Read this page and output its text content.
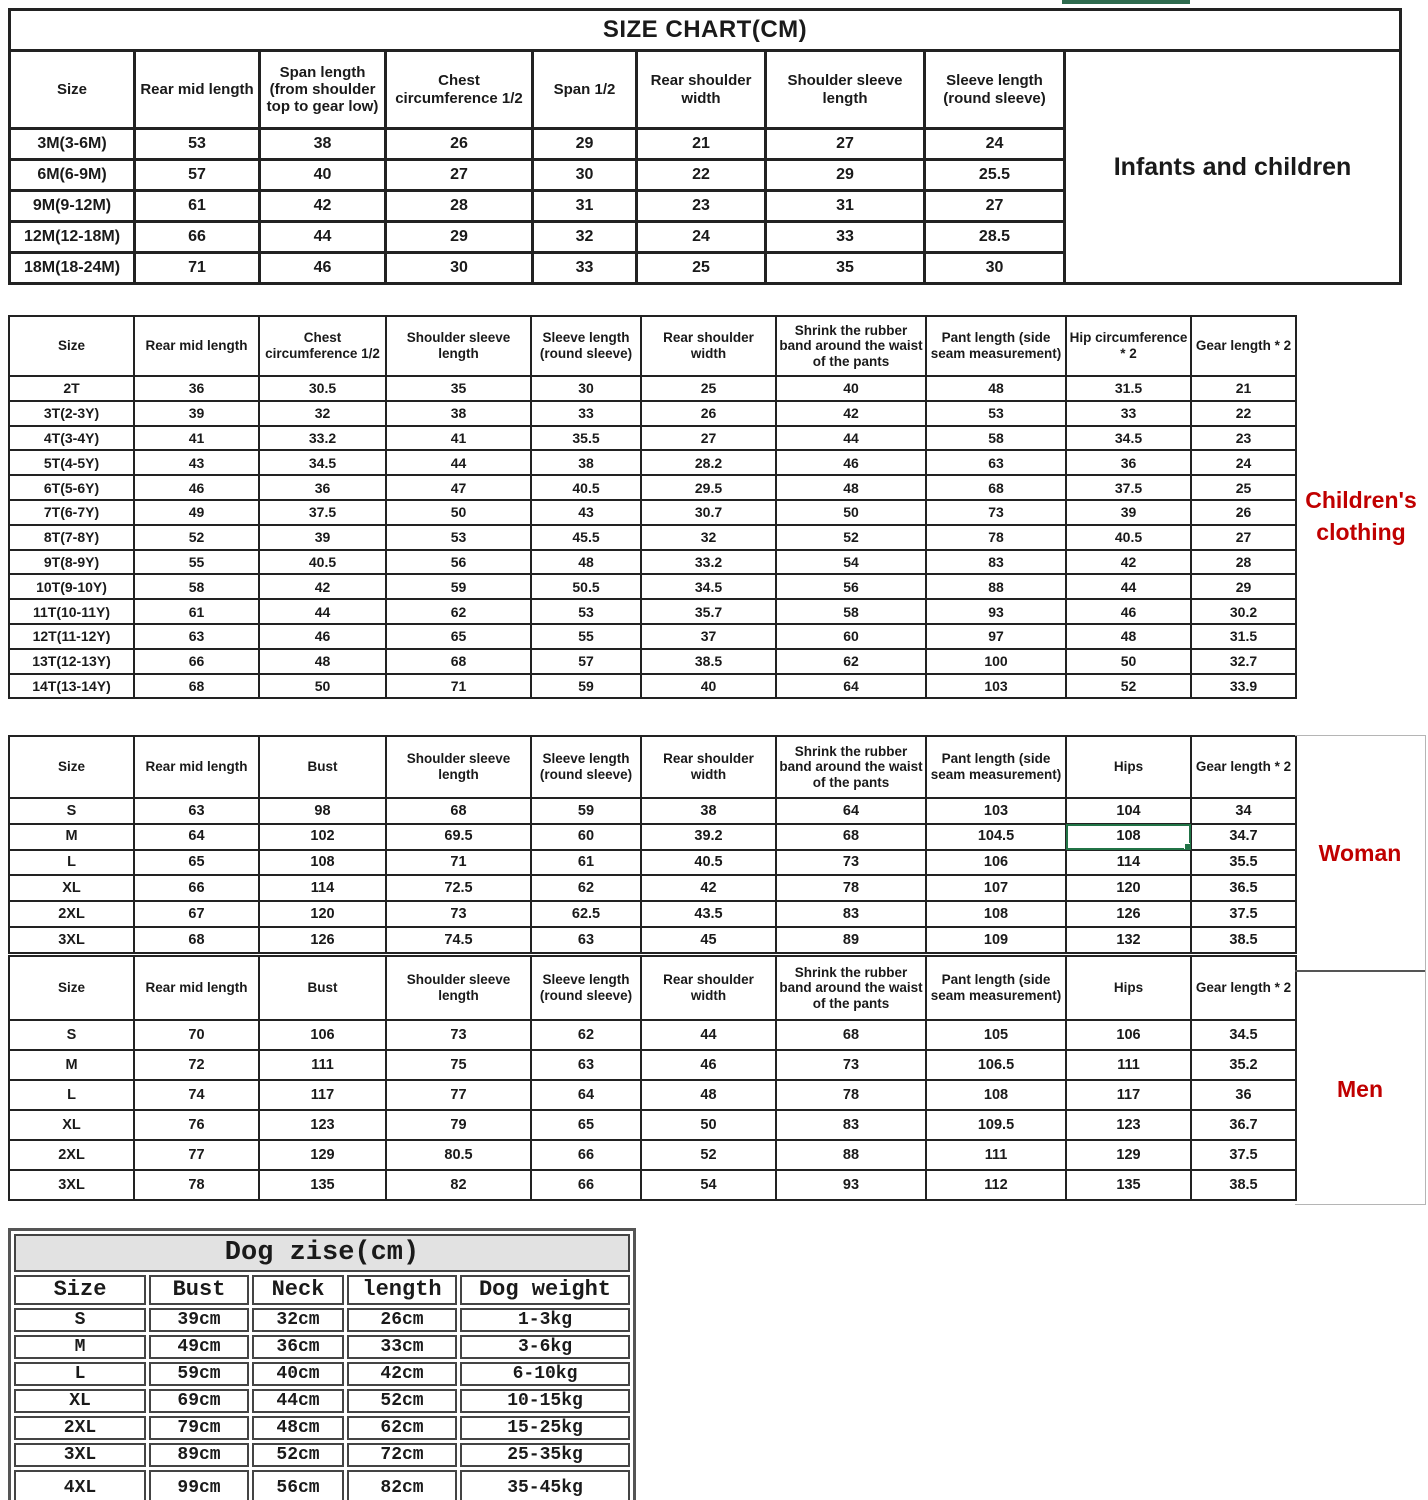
SIZE CHART(CM)								
Size	Rear mid length	Span length (from shoulder top to gear low)	Chest circumference 1/2	Span 1/2	Rear shoulder width	Shoulder sleeve length	Sleeve length (round sleeve)	Infants and children
3M(3-6M)	53	38	26	29	21	27	24	
6M(6-9M)	57	40	27	30	22	29	25.5	
9M(9-12M)	61	42	28	31	23	31	27	
12M(12-18M)	66	44	29	32	24	33	28.5	
18M(18-24M)	71	46	30	33	25	35	30	
Size	Rear mid length	Chest circumference 1/2	Shoulder sleeve length	Sleeve length (round sleeve)	Rear shoulder width	Shrink the rubber band around the waist of the pants	Pant length (side seam measurement)	Hip circumference * 2	Gear length * 2
2T	36	30.5	35	30	25	40	48	31.5	21
3T(2-3Y)	39	32	38	33	26	42	53	33	22
4T(3-4Y)	41	33.2	41	35.5	27	44	58	34.5	23
5T(4-5Y)	43	34.5	44	38	28.2	46	63	36	24
6T(5-6Y)	46	36	47	40.5	29.5	48	68	37.5	25
7T(6-7Y)	49	37.5	50	43	30.7	50	73	39	26
8T(7-8Y)	52	39	53	45.5	32	52	78	40.5	27
9T(8-9Y)	55	40.5	56	48	33.2	54	83	42	28
10T(9-10Y)	58	42	59	50.5	34.5	56	88	44	29
11T(10-11Y)	61	44	62	53	35.7	58	93	46	30.2
12T(11-12Y)	63	46	65	55	37	60	97	48	31.5
13T(12-13Y)	66	48	68	57	38.5	62	100	50	32.7
14T(13-14Y)	68	50	71	59	40	64	103	52	33.9
Children's clothing
Size	Rear mid length	Bust	Shoulder sleeve length	Sleeve length (round sleeve)	Rear shoulder width	Shrink the rubber band around the waist of the pants	Pant length (side seam measurement)	Hips	Gear length * 2
S	63	98	68	59	38	64	103	104	34
M	64	102	69.5	60	39.2	68	104.5	108	34.7
L	65	108	71	61	40.5	73	106	114	35.5
XL	66	114	72.5	62	42	78	107	120	36.5
2XL	67	120	73	62.5	43.5	83	108	126	37.5
3XL	68	126	74.5	63	45	89	109	132	38.5
Size	Rear mid length	Bust	Shoulder sleeve length	Sleeve length (round sleeve)	Rear shoulder width	Shrink the rubber band around the waist of the pants	Pant length (side seam measurement)	Hips	Gear length * 2
S	70	106	73	62	44	68	105	106	34.5
M	72	111	75	63	46	73	106.5	111	35.2
L	74	117	77	64	48	78	108	117	36
XL	76	123	79	65	50	83	109.5	123	36.7
2XL	77	129	80.5	66	52	88	111	129	37.5
3XL	78	135	82	66	54	93	112	135	38.5
Woman
Men
Dog zise(cm)				
Size	Bust	Neck	length	Dog weight
S	39cm	32cm	26cm	1-3kg
M	49cm	36cm	33cm	3-6kg
L	59cm	40cm	42cm	6-10kg
XL	69cm	44cm	52cm	10-15kg
2XL	79cm	48cm	62cm	15-25kg
3XL	89cm	52cm	72cm	25-35kg
4XL	99cm	56cm	82cm	35-45kg
